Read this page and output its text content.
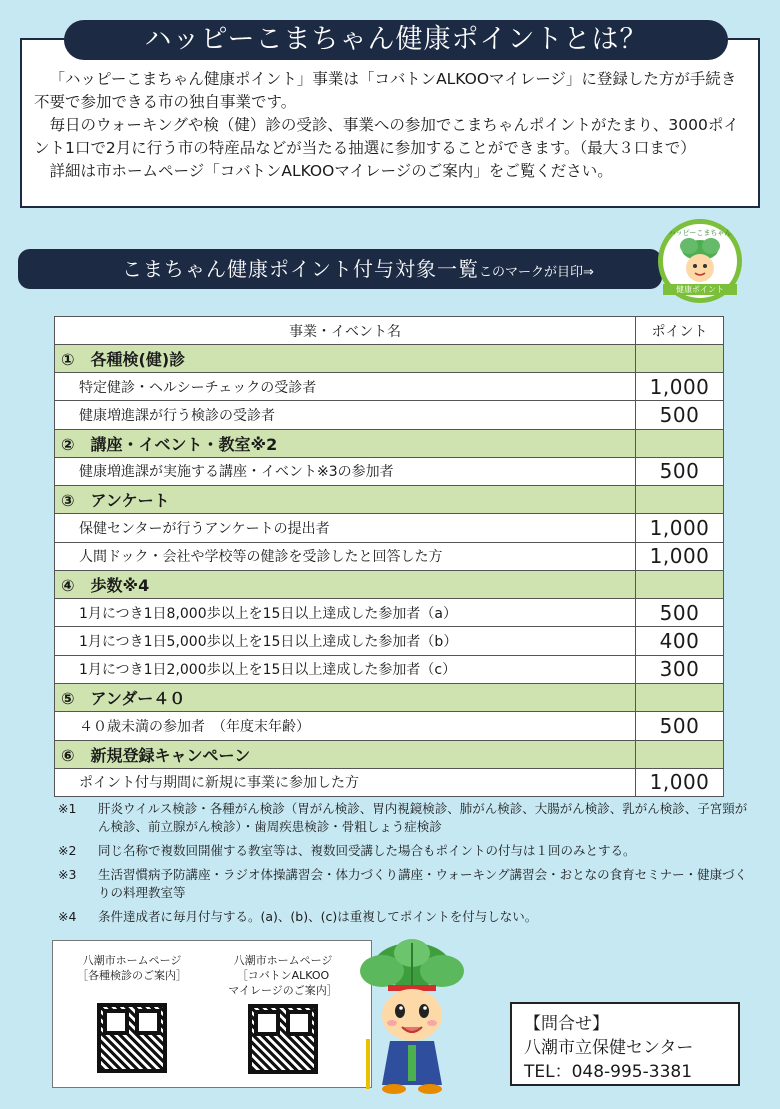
ハッピーこまちゃん健康ポイントとは？

「ハッピーこまちゃん健康ポイント」事業は「コバトンALKOOマイレージ」に登録した方が手続き不要で参加できる市の独自事業です。

毎日のウォーキングや検（健）診の受診、事業への参加でこまちゃんポイントがたまり、3000ポイント1口で2月に行う市の特産品などが当たる抽選に参加することができます。（最大３口まで）

詳細は市ホームページ「コバトンALKOOマイレージのご案内」をご覧ください。

こまちゃん健康ポイント付与対象一覧このマークが目印⇒
ハッピーこまちゃん
健康ポイント
事業・イベント名	ポイント
①　各種検(健)診	
特定健診・ヘルシーチェックの受診者	1,000
健康増進課が行う検診の受診者	500
②　講座・イベント・教室※2	
健康増進課が実施する講座・イベント※3の参加者	500
③　アンケート	
保健センターが行うアンケートの提出者	1,000
人間ドック・会社や学校等の健診を受診したと回答した方	1,000
④　歩数※4	
1月につき1日8,000歩以上を15日以上達成した参加者（a）	500
1月につき1日5,000歩以上を15日以上達成した参加者（b）	400
1月につき1日2,000歩以上を15日以上達成した参加者（c）	300
⑤　アンダー４０	
４０歳未満の参加者　（年度末年齢）	500
⑥　新規登録キャンペーン	
ポイント付与期間に新規に事業に参加した方	1,000
※1	肝炎ウイルス検診・各種がん検診（胃がん検診、胃内視鏡検診、肺がん検診、大腸がん検診、乳がん検診、子宮頸がん検診、前立腺がん検診）・歯周疾患検診・骨粗しょう症検診
※2	同じ名称で複数回開催する教室等は、複数回受講した場合もポイントの付与は１回のみとする。
※3	生活習慣病予防講座・ラジオ体操講習会・体力づくり講座・ウォーキング講習会・おとなの食育セミナー・健康づくりの料理教室等
※4	条件達成者に毎月付与する。(a)、(b)、(c)は重複してポイントを付与しない。
八潮市ホームページ
［各種検診のご案内］
八潮市ホームページ
［コバトンALKOO
マイレージのご案内］
【問合せ】
八潮市立保健センター
TEL：048-995-3381
